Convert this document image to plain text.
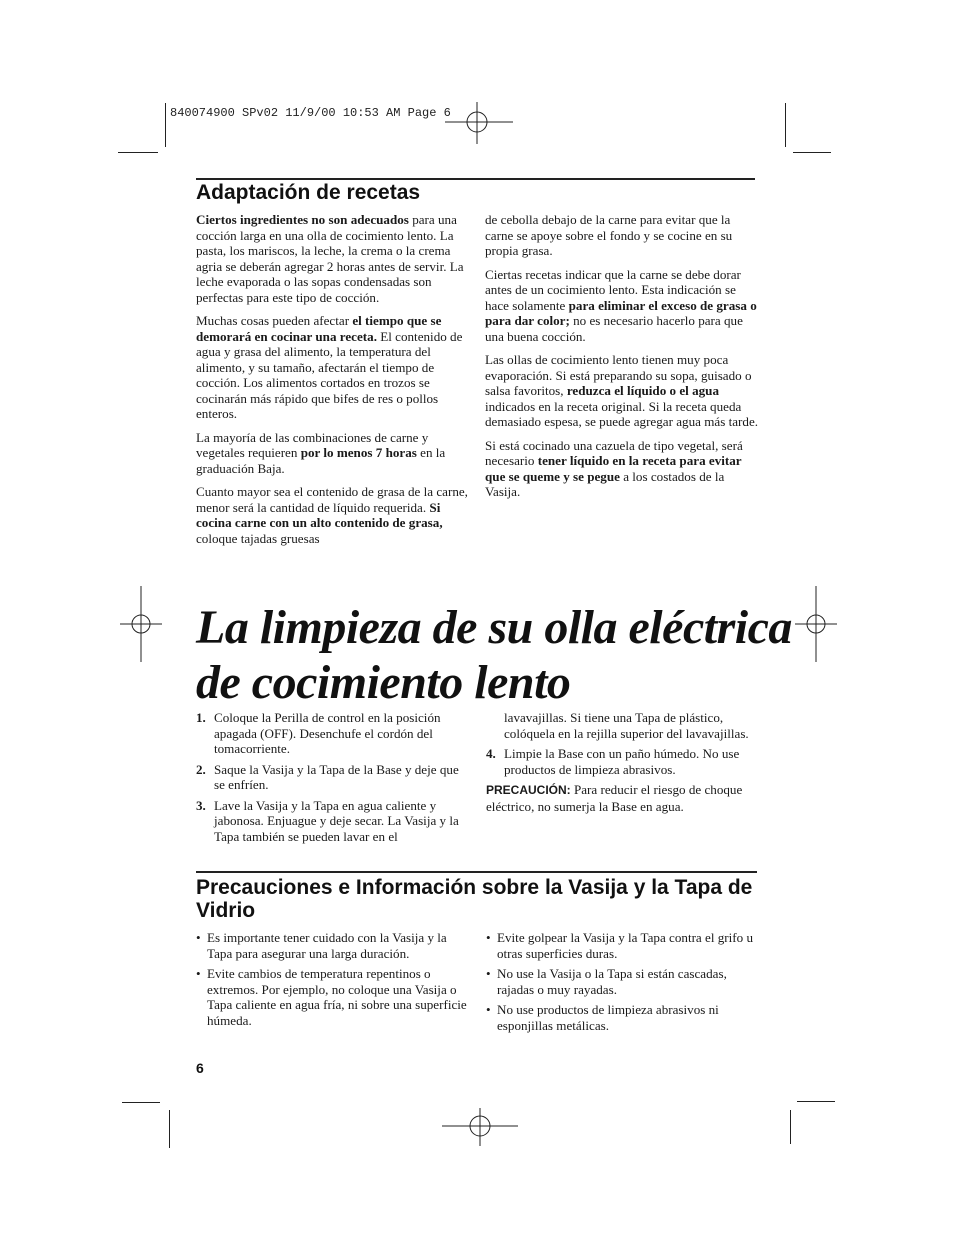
840074900 SPv02 11/9/00 10:53 AM Page 6
Adaptación de recetas

Ciertos ingredientes no son adecuados para una cocción larga en una olla de cocimiento lento. La pasta, los mariscos, la leche, la crema o la crema agria se deberán agregar 2 horas antes de servir. La leche evaporada o las sopas condensadas son perfectas para este tipo de cocción.

Muchas cosas pueden afectar el tiempo que se demorará en cocinar una receta. El contenido de agua y grasa del alimento, la temperatura del alimento, y su tamaño, afectarán el tiempo de cocción. Los alimentos cortados en trozos se cocinarán más rápido que bifes de res o pollos enteros.

La mayoría de las combinaciones de carne y vegetales requieren por lo menos 7 horas en la graduación Baja.

Cuanto mayor sea el contenido de grasa de la carne, menor será la cantidad de líquido requerida. Si cocina carne con un alto contenido de grasa, coloque tajadas gruesas

de cebolla debajo de la carne para evitar que la carne se apoye sobre el fondo y se cocine en su propia grasa.

Ciertas recetas indicar que la carne se debe dorar antes de un cocimiento lento. Esta indicación se hace solamente para eliminar el exceso de grasa o para dar color; no es necesario hacerlo para que una buena cocción.

Las ollas de cocimiento lento tienen muy poca evaporación. Si está preparando su sopa, guisado o salsa favoritos, reduzca el líquido o el agua indicados en la receta original. Si la receta queda demasiado espesa, se puede agregar agua más tarde.

Si está cocinado una cazuela de tipo vegetal, será necesario tener líquido en la receta para evitar que se queme y se pegue a los costados de la Vasija.

La limpieza de su olla eléctrica
de cocimiento lento
1. Coloque la Perilla de control en la posición apagada (OFF). Desenchufe el cordón del tomacorriente.
2. Saque la Vasija y la Tapa de la Base y deje que se enfríen.
3. Lave la Vasija y la Tapa en agua caliente y jabonosa. Enjuague y deje secar. La Vasija y la Tapa también se pueden lavar en el
lavavajillas. Si tiene una Tapa de plástico, colóquela en la rejilla superior del lavavajillas.
4. Limpie la Base con un paño húmedo. No use productos de limpieza abrasivos.
PRECAUCIÓN: Para reducir el riesgo de choque eléctrico, no sumerja la Base en agua.
Precauciones e Información sobre la Vasija y la Tapa de Vidrio
• Es importante tener cuidado con la Vasija y la Tapa para asegurar una larga duración.
• Evite cambios de temperatura repentinos o extremos. Por ejemplo, no coloque una Vasija o Tapa caliente en agua fría, ni sobre una superficie húmeda.
• Evite golpear la Vasija y la Tapa contra el grifo u otras superficies duras.
• No use la Vasija o la Tapa si están cascadas, rajadas o muy rayadas.
• No use productos de limpieza abrasivos ni esponjillas metálicas.
6
